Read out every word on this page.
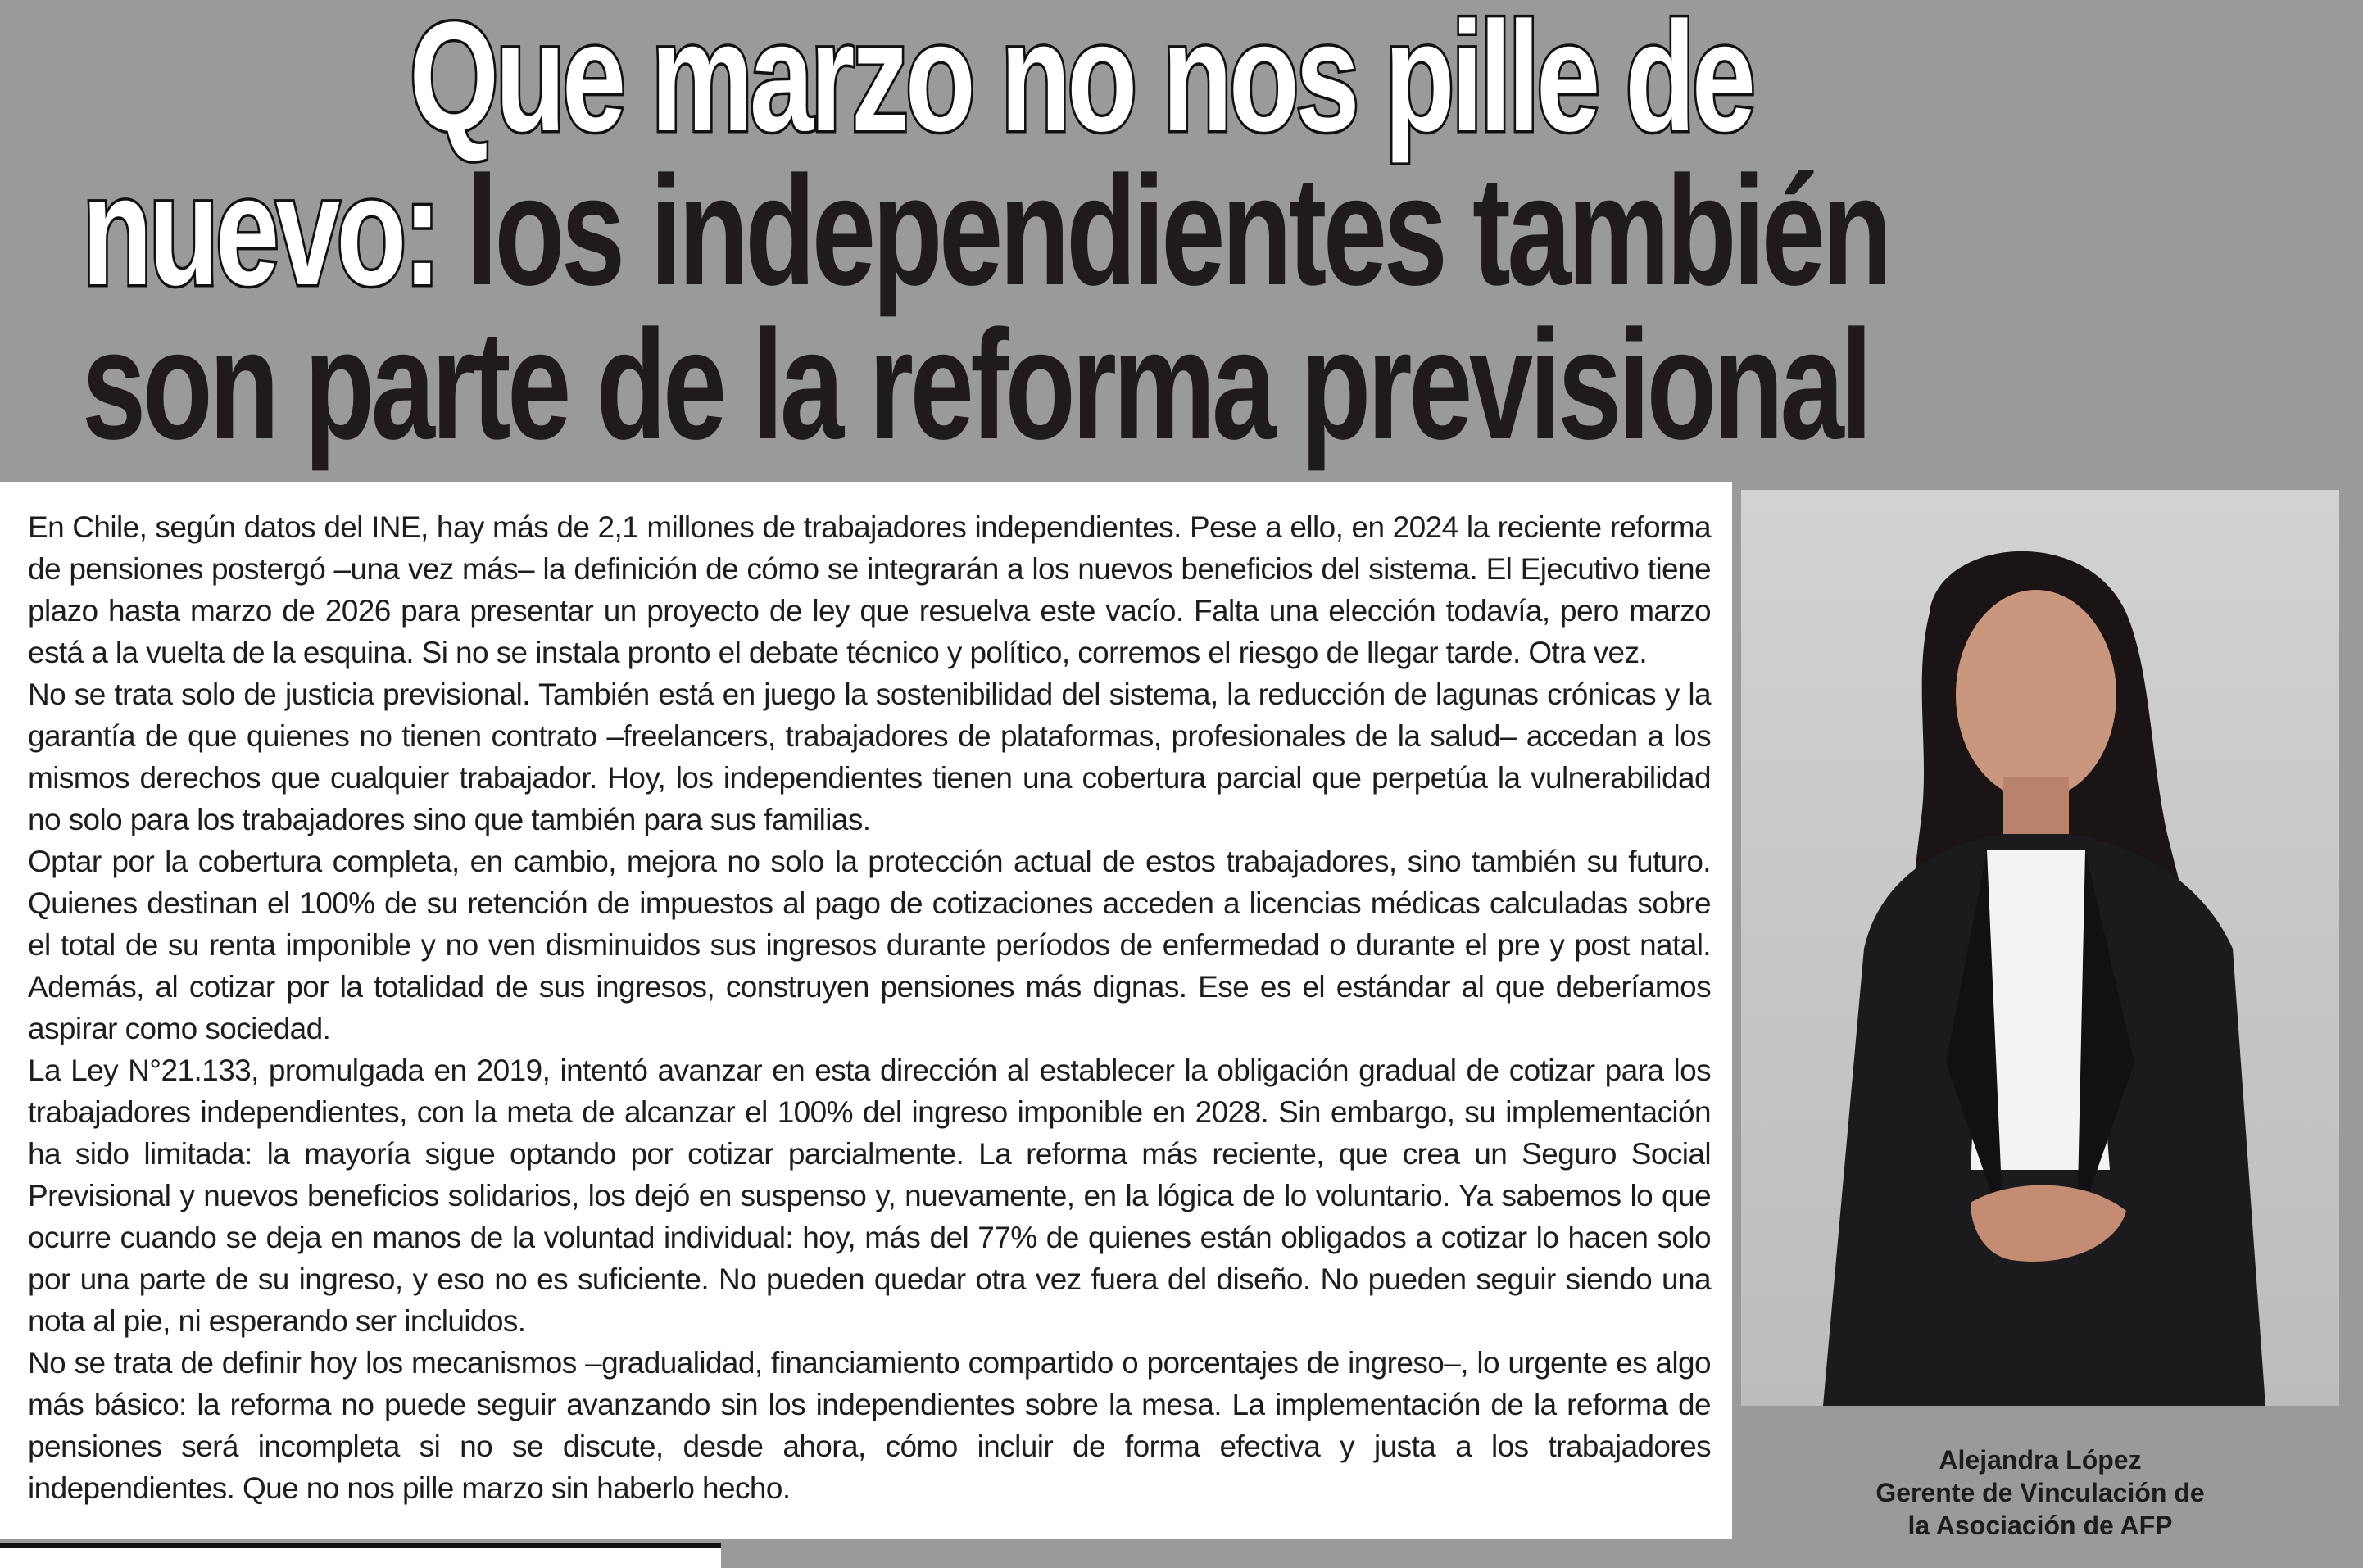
Que marzo no nos pille de
nuevo: los independientes también
son parte de la reforma previsional

En Chile, según datos del INE, hay más de 2,1 millones de trabajadores independientes. Pese a ello, en 2024 la reciente reforma de pensiones postergó –una vez más– la definición de cómo se integrarán a los nuevos beneficios del sistema. El Ejecutivo tiene plazo hasta marzo de 2026 para presentar un proyecto de ley que resuelva este vacío. Falta una elección todavía, pero marzo está a la vuelta de la esquina. Si no se instala pronto el debate técnico y político, corremos el riesgo de llegar tarde. Otra vez.

No se trata solo de justicia previsional. También está en juego la sostenibilidad del sistema, la reducción de lagunas crónicas y la garantía de que quienes no tienen contrato –freelancers, trabajadores de plataformas, profesionales de la salud– accedan a los mismos derechos que cualquier trabajador. Hoy, los independientes tienen una cobertura parcial que perpetúa la vulnerabilidad no solo para los trabajadores sino que también para sus familias.

Optar por la cobertura completa, en cambio, mejora no solo la protección actual de estos trabajadores, sino también su futuro. Quienes destinan el 100% de su retención de impuestos al pago de cotizaciones acceden a licencias médicas calculadas sobre el total de su renta imponible y no ven disminuidos sus ingresos durante períodos de enfermedad o durante el pre y post natal. Además, al cotizar por la totalidad de sus ingresos, construyen pensiones más dignas. Ese es el estándar al que deberíamos aspirar como sociedad.

La Ley N°21.133, promulgada en 2019, intentó avanzar en esta dirección al establecer la obligación gradual de cotizar para los trabajadores independientes, con la meta de alcanzar el 100% del ingreso imponible en 2028. Sin embargo, su implementación ha sido limitada: la mayoría sigue optando por cotizar parcialmente. La reforma más reciente, que crea un Seguro Social Previsional y nuevos beneficios solidarios, los dejó en suspenso y, nuevamente, en la lógica de lo voluntario. Ya sabemos lo que ocurre cuando se deja en manos de la voluntad individual: hoy, más del 77% de quienes están obligados a cotizar lo hacen solo por una parte de su ingreso, y eso no es suficiente. No pueden quedar otra vez fuera del diseño. No pueden seguir siendo una nota al pie, ni esperando ser incluidos.

No se trata de definir hoy los mecanismos –gradualidad, financiamiento compartido o porcentajes de ingreso–, lo urgente es algo más básico: la reforma no puede seguir avanzando sin los independientes sobre la mesa. La implementación de la reforma de pensiones será incompleta si no se discute, desde ahora, cómo incluir de forma efectiva y justa a los trabajadores independientes. Que no nos pille marzo sin haberlo hecho.

Alejandra López
Gerente de Vinculación de
la Asociación de AFP
